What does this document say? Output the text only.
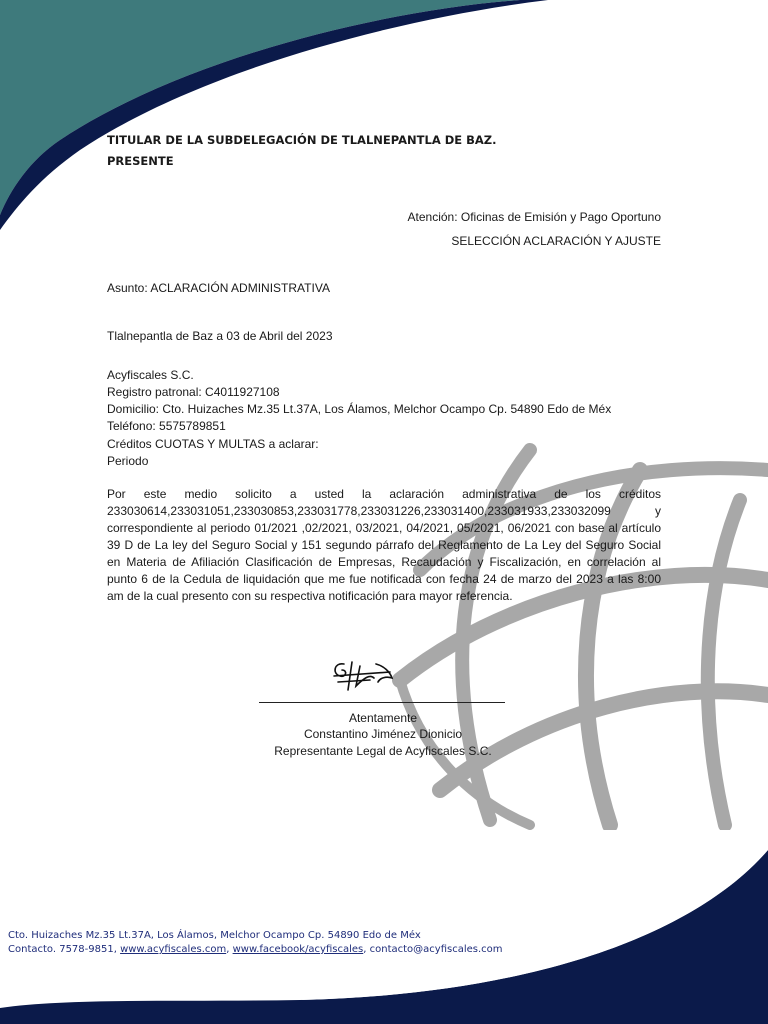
TITULAR DE LA SUBDELEGACIÓN DE TLALNEPANTLA DE BAZ.
PRESENTE
Atención: Oficinas de Emisión y Pago Oportuno
SELECCIÓN ACLARACIÓN Y AJUSTE
Asunto: ACLARACIÓN ADMINISTRATIVA
Tlalnepantla de Baz a 03 de Abril del 2023
Acyfiscales S.C.
Registro patronal: C4011927108
Domicilio: Cto. Huizaches Mz.35 Lt.37A, Los Álamos, Melchor Ocampo Cp. 54890 Edo de Méx
Teléfono: 5575789851
Créditos CUOTAS Y MULTAS a aclarar:
Periodo
Por este medio solicito a usted la aclaración administrativa de los créditos 233030614,233031051,233030853,233031778,233031226,233031400,233031933,233032099 y correspondiente al periodo 01/2021 ,02/2021, 03/2021, 04/2021, 05/2021, 06/2021 con base al artículo 39 D de La ley del Seguro Social y 151 segundo párrafo del Reglamento de La Ley del Seguro Social en Materia de Afiliación Clasificación de Empresas, Recaudación y Fiscalización, en correlación al punto 6 de la Cedula de liquidación que me fue notificada con fecha 24 de marzo del 2023 a las 8:00 am de la cual presento con su respectiva notificación para mayor referencia.
Atentamente
Constantino Jiménez Dionicio
Representante Legal de Acyfiscales S.C.
Cto. Huizaches Mz.35 Lt.37A, Los Álamos, Melchor Ocampo Cp. 54890 Edo de Méx
Contacto. 7578-9851, www.acyfiscales.com, www.facebook/acyfiscales, contacto@acyfiscales.com
